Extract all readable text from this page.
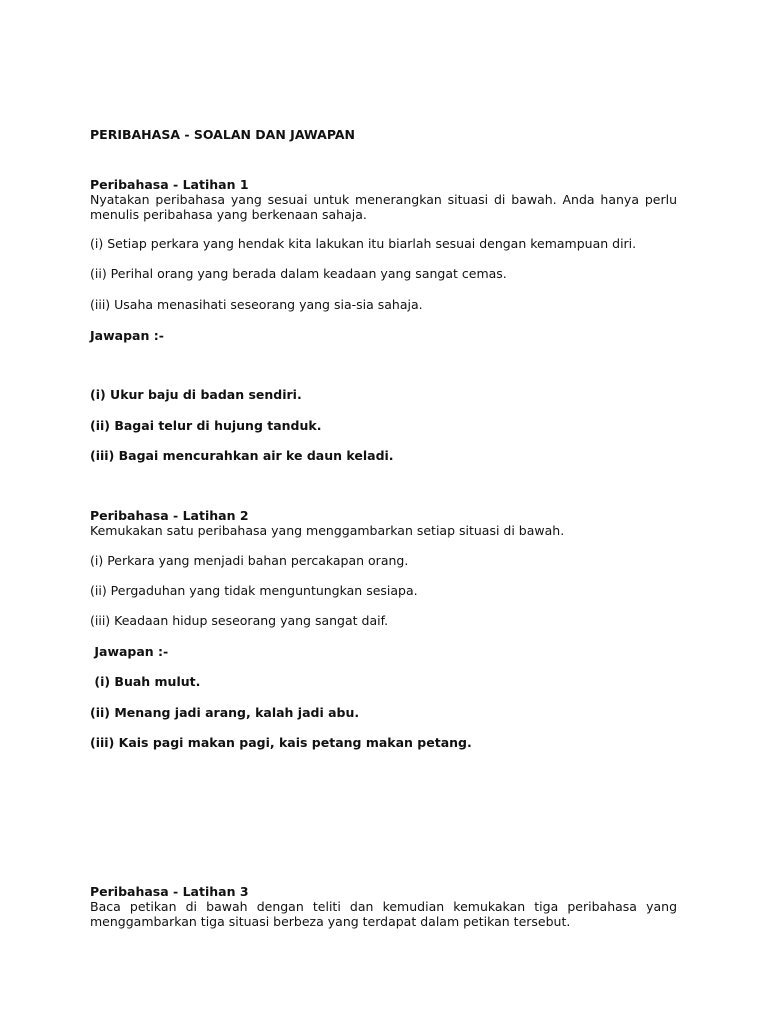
PERIBAHASA - SOALAN DAN JAWAPAN
Peribahasa - Latihan 1
Nyatakan peribahasa yang sesuai untuk menerangkan situasi di bawah. Anda hanya perlu menulis peribahasa yang berkenaan sahaja.
(i) Setiap perkara yang hendak kita lakukan itu biarlah sesuai dengan kemampuan diri.
(ii) Perihal orang yang berada dalam keadaan yang sangat cemas.
(iii) Usaha menasihati seseorang yang sia-sia sahaja.
Jawapan :-
(i) Ukur baju di badan sendiri.
(ii) Bagai telur di hujung tanduk.
(iii) Bagai mencurahkan air ke daun keladi.
Peribahasa - Latihan 2
Kemukakan satu peribahasa yang menggambarkan setiap situasi di bawah.
(i) Perkara yang menjadi bahan percakapan orang.
(ii) Pergaduhan yang tidak menguntungkan sesiapa.
(iii) Keadaan hidup seseorang yang sangat daif.
Jawapan :-
(i) Buah mulut.
(ii) Menang jadi arang, kalah jadi abu.
(iii) Kais pagi makan pagi, kais petang makan petang.
Peribahasa - Latihan 3
Baca petikan di bawah dengan teliti dan kemudian kemukakan tiga peribahasa yang menggambarkan tiga situasi berbeza yang terdapat dalam petikan tersebut.
